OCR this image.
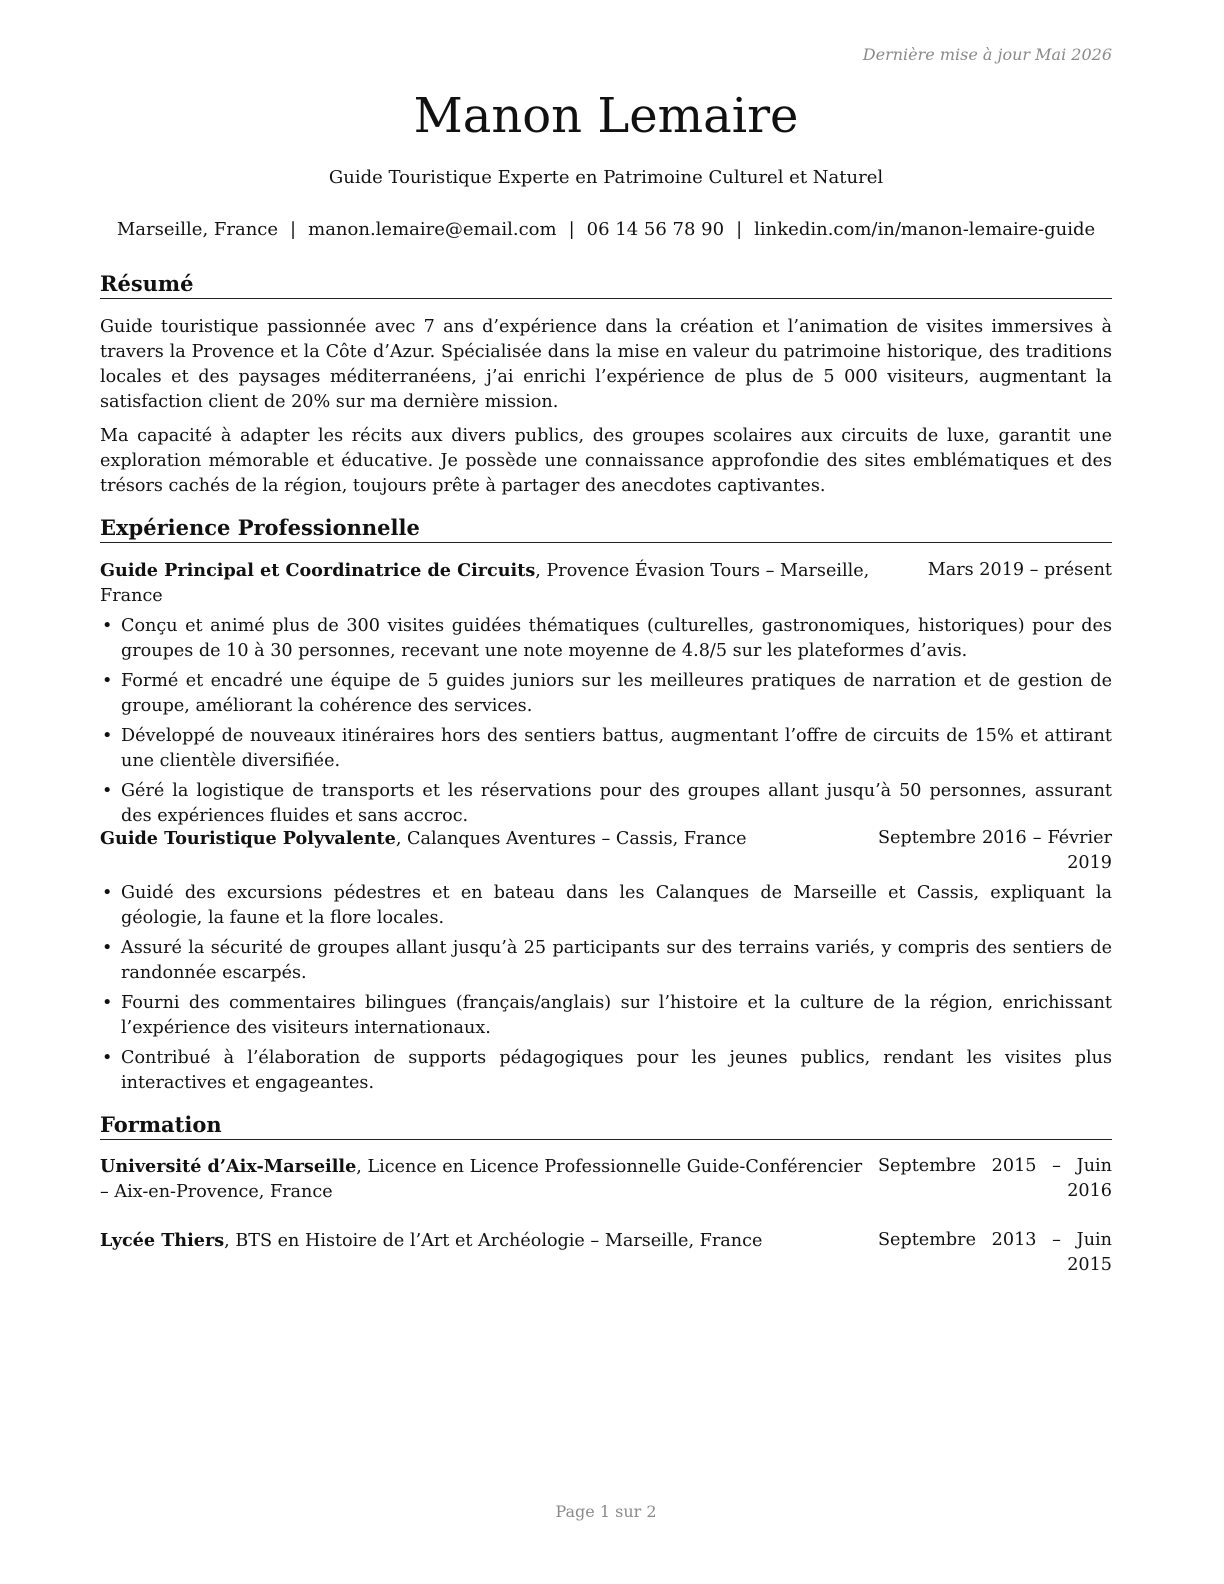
Dernière mise à jour Mai 2026
Manon Lemaire
Guide Touristique Experte en Patrimoine Culturel et Naturel
Marseille, France | manon.lemaire@email.com | 06 14 56 78 90 | linkedin.com/in/manon-lemaire-guide
Résumé
Guide touristique passionnée avec 7 ans d’expérience dans la création et l’animation de visites immersives à travers la Provence et la Côte d’Azur. Spécialisée dans la mise en valeur du patrimoine historique, des traditions locales et des paysages méditerranéens, j’ai enrichi l’expérience de plus de 5 000 visiteurs, augmentant la satisfaction client de 20% sur ma dernière mission.
Ma capacité à adapter les récits aux divers publics, des groupes scolaires aux circuits de luxe, garantit une exploration mémorable et éducative. Je possède une connaissance approfondie des sites emblématiques et des trésors cachés de la région, toujours prête à partager des anecdotes captivantes.
Expérience Professionnelle
Guide Principal et Coordinatrice de Circuits, Provence Évasion Tours – Marseille, France
Mars 2019 – présent
• Conçu et animé plus de 300 visites guidées thématiques (culturelles, gastronomiques, historiques) pour des groupes de 10 à 30 personnes, recevant une note moyenne de 4.8/5 sur les plateformes d’avis.
• Formé et encadré une équipe de 5 guides juniors sur les meilleures pratiques de narration et de gestion de groupe, améliorant la cohérence des services.
• Développé de nouveaux itinéraires hors des sentiers battus, augmentant l’offre de circuits de 15% et attirant une clientèle diversifiée.
• Géré la logistique de transports et les réservations pour des groupes allant jusqu’à 50 personnes, assurant des expériences fluides et sans accroc.
Guide Touristique Polyvalente, Calanques Aventures – Cassis, France	Septembre 2016 – Février 2019
• Guidé des excursions pédestres et en bateau dans les Calanques de Marseille et Cassis, expliquant la géologie, la faune et la flore locales.
• Assuré la sécurité de groupes allant jusqu’à 25 participants sur des terrains variés, y compris des sentiers de randonnée escarpés.
• Fourni des commentaires bilingues (français/anglais) sur l’histoire et la culture de la région, enrichissant l’expérience des visiteurs internationaux.
• Contribué à l’élaboration de supports pédagogiques pour les jeunes publics, rendant les visites plus interactives et engageantes.
Formation
Université d’Aix-Marseille, Licence en Licence Professionnelle Guide-Conférencier – Aix-en-Provence, France
Septembre 2015 – Juin 2016
Lycée Thiers, BTS en Histoire de l’Art et Archéologie – Marseille, France	Septembre 2013 – Juin 2015
Page 1 sur 2
